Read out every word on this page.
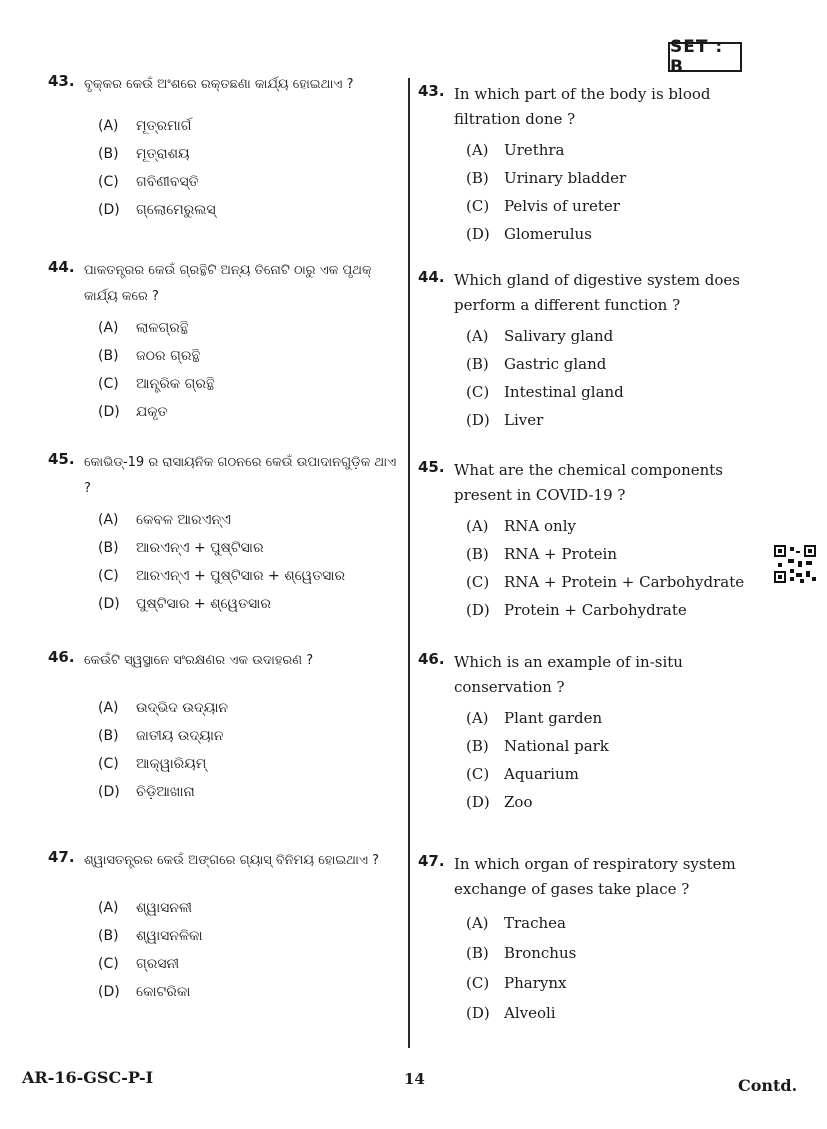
SET : B
43. ବୃକ୍କର କେଉଁ ଅଂଶରେ ରକ୍ତଛଣା କାର୍ଯ୍ୟ ହୋଇଥାଏ ?
(A)	ମୂତ୍ରମାର୍ଗ
(B)	ମୂତ୍ରାଶୟ
(C)	ଗବିଣୀବସ୍ତି
(D)	ଗ୍ଲୋମେରୁଲସ୍
44. ପାକତନ୍ତ୍ରର କେଉଁ ଗ୍ରନ୍ଥିଟି ଅନ୍ୟ ତିନୋଟି ଠାରୁ ଏକ ପୃଥକ୍ କାର୍ଯ୍ୟ କରେ ?
(A)	ଲାଳଗ୍ରନ୍ଥି
(B)	ଜଠର ଗ୍ରନ୍ଥି
(C)	ଆନ୍ତ୍ରିକ ଗ୍ରନ୍ଥି
(D)	ଯକୃତ
45. କୋଭିଡ୍-19 ର ରାସାୟନିକ ଗଠନରେ କେଉଁ ଉପାଦାନଗୁଡ଼ିକ ଥାଏ ?
(A)	କେବଳ ଆରଏନ୍ଏ
(B)	ଆରଏନ୍ଏ + ପୁଷ୍ଟିସାର
(C)	ଆରଏନ୍ଏ + ପୁଷ୍ଟିସାର + ଶ୍ୱେତସାର
(D)	ପୁଷ୍ଟିସାର + ଶ୍ୱେତସାର
46. କେଉଁଟି ସ୍ୱସ୍ଥାନେ ସଂରକ୍ଷଣର ଏକ ଉଦାହରଣ ?
(A)	ଉଦ୍ଭିଦ ଉଦ୍ୟାନ
(B)	ଜାତୀୟ ଉଦ୍ୟାନ
(C)	ଆକ୍ୱାରିୟମ୍
(D)	ଚିଡ଼ିଆଖାନା
47. ଶ୍ୱାସତନ୍ତ୍ରର କେଉଁ ଅଙ୍ଗରେ ଗ୍ୟାସ୍ ବିନିମୟ ହୋଇଥାଏ ?
(A)	ଶ୍ୱାସନଳୀ
(B)	ଶ୍ୱାସନଳିକା
(C)	ଗ୍ରସନୀ
(D)	କୋଟରିକା
43. In which part of the body is blood filtration done ?
(A)	Urethra
(B)	Urinary bladder
(C) Pelvis of ureter
(D) Glomerulus
44. Which gland of digestive system does perform a different function ?
(A)	Salivary gland
(B)	Gastric gland
(C) Intestinal gland
(D) Liver
45. What are the chemical components present in COVID-19 ?
(A)	RNA only
(B)	RNA + Protein
(C) RNA + Protein + Carbohydrate
(D) Protein + Carbohydrate
46. Which is an example of in-situ conservation ?
(A)	Plant garden
(B)	National park
(C) Aquarium
(D) Zoo
47. In which organ of respiratory system exchange of gases take place ?
(A)	Trachea
(B)	Bronchus
(C) Pharynx
(D) Alveoli
AR-16-GSC-P-I	14	Contd.
